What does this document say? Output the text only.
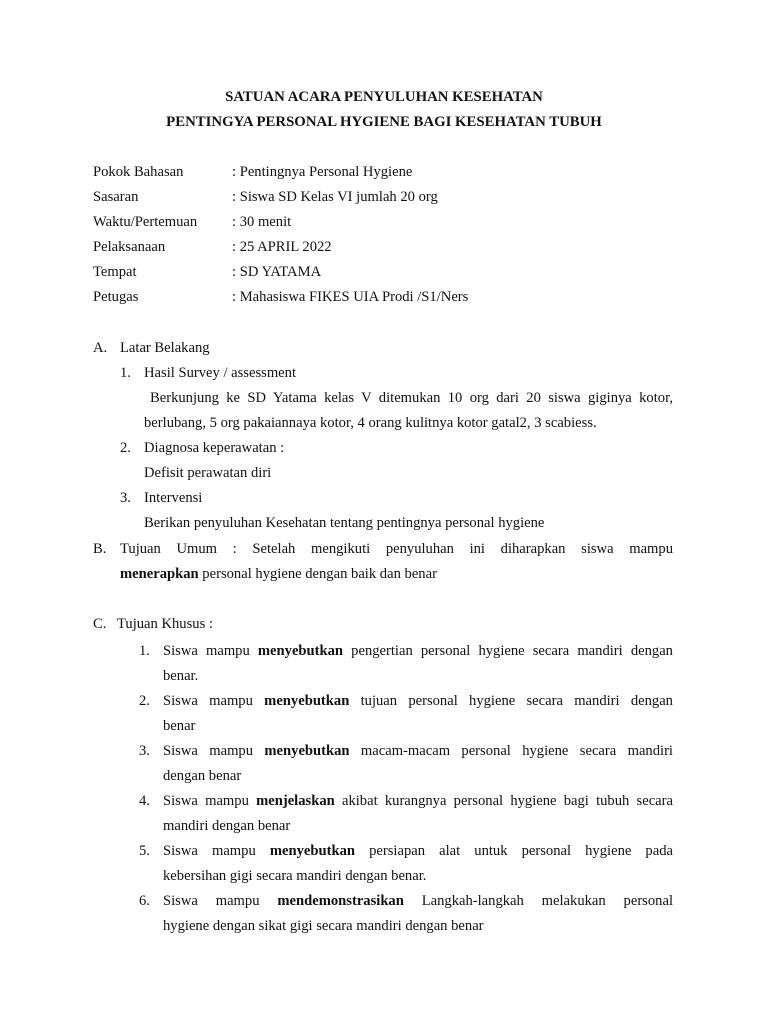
SATUAN ACARA PENYULUHAN KESEHATAN
PENTINGYA PERSONAL HYGIENE BAGI KESEHATAN TUBUH
Pokok Bahasan	: Pentingnya Personal Hygiene
Sasaran	: Siswa SD Kelas VI jumlah 20 org
Waktu/Pertemuan : 30 menit
Pelaksanaan	: 25 APRIL 2022
Tempat	: SD YATAMA
Petugas	: Mahasiswa FIKES UIA Prodi /S1/Ners
A. Latar Belakang
1. Hasil Survey / assessment
Berkunjung ke SD Yatama kelas V ditemukan 10 org dari 20 siswa giginya kotor,
berlubang, 5 org pakaiannaya kotor, 4 orang kulitnya kotor gatal2, 3 scabiess.
2. Diagnosa keperawatan :
Defisit perawatan diri
3. Intervensi
Berikan penyuluhan Kesehatan tentang pentingnya personal hygiene
B. Tujuan Umum : Setelah mengikuti penyuluhan ini diharapkan siswa mampu
menerapkan personal hygiene dengan baik dan benar
C. Tujuan Khusus :
1. Siswa mampu menyebutkan pengertian personal hygiene secara mandiri dengan
benar.
2. Siswa mampu menyebutkan tujuan personal hygiene secara mandiri dengan
benar
3. Siswa mampu menyebutkan macam-macam personal hygiene secara mandiri
dengan benar
4. Siswa mampu menjelaskan akibat kurangnya personal hygiene bagi tubuh secara
mandiri dengan benar
5. Siswa mampu menyebutkan persiapan alat untuk personal hygiene pada
kebersihan gigi secara mandiri dengan benar.
6. Siswa mampu mendemonstrasikan Langkah-langkah melakukan personal
hygiene dengan sikat gigi secara mandiri dengan benar
